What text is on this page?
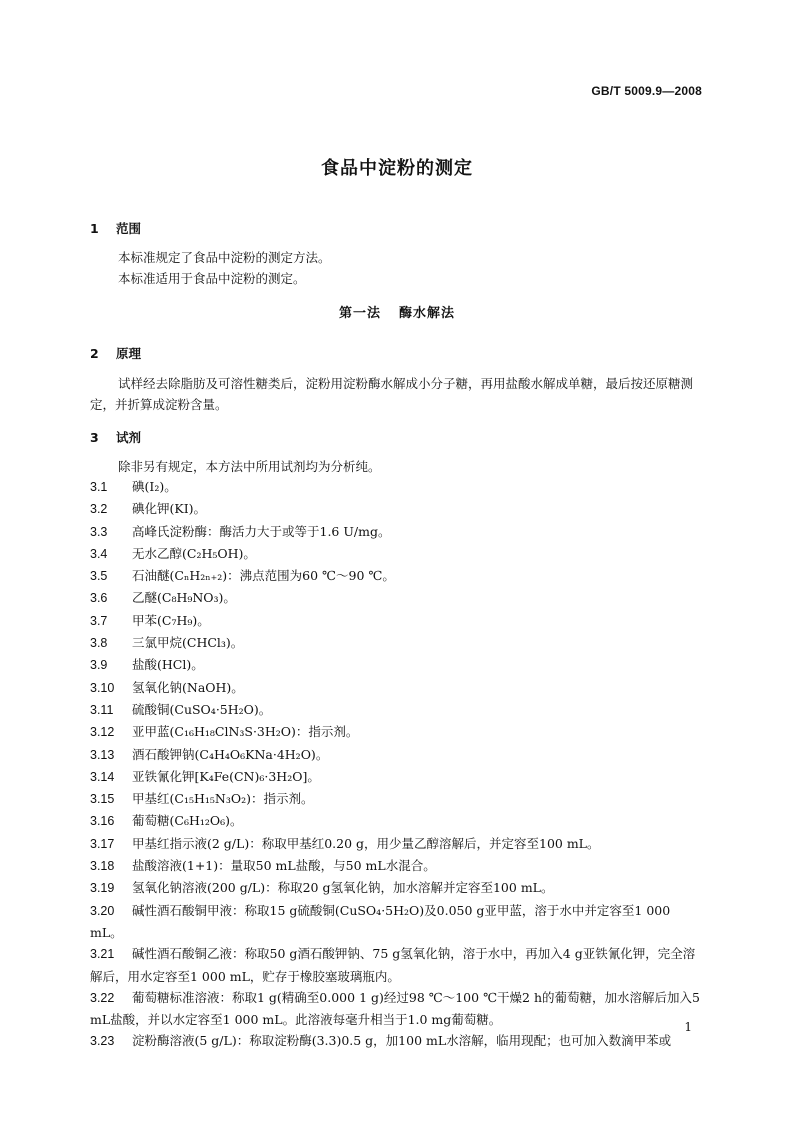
GB/T 5009.9—2008
食品中淀粉的测定
1 范围
本标准规定了食品中淀粉的测定方法。
本标准适用于食品中淀粉的测定。
第一法 酶水解法
2 原理
试样经去除脂肪及可溶性糖类后，淀粉用淀粉酶水解成小分子糖，再用盐酸水解成单糖，最后按还原糖测定，并折算成淀粉含量。
3 试剂
除非另有规定，本方法中所用试剂均为分析纯。

3.1 碘(I₂)。

3.2 碘化钾(KI)。

3.3 高峰氏淀粉酶：酶活力大于或等于1.6 U/mg。

3.4 无水乙醇(C₂H₅OH)。

3.5 石油醚(CₙH₂ₙ₊₂)：沸点范围为60 ℃～90 ℃。

3.6 乙醚(C₈H₉NO₃)。

3.7 甲苯(C₇H₉)。

3.8 三氯甲烷(CHCl₃)。

3.9 盐酸(HCl)。

3.10 氢氧化钠(NaOH)。

3.11 硫酸铜(CuSO₄·5H₂O)。

3.12 亚甲蓝(C₁₆H₁₈ClN₃S·3H₂O)：指示剂。

3.13 酒石酸钾钠(C₄H₄O₆KNa·4H₂O)。

3.14 亚铁氰化钾[K₄Fe(CN)₆·3H₂O]。

3.15 甲基红(C₁₅H₁₅N₃O₂)：指示剂。

3.16 葡萄糖(C₆H₁₂O₆)。

3.17 甲基红指示液(2 g/L)：称取甲基红0.20 g，用少量乙醇溶解后，并定容至100 mL。

3.18 盐酸溶液(1+1)：量取50 mL盐酸，与50 mL水混合。

3.19 氢氧化钠溶液(200 g/L)：称取20 g氢氧化钠，加水溶解并定容至100 mL。

3.20 碱性酒石酸铜甲液：称取15 g硫酸铜(CuSO₄·5H₂O)及0.050 g亚甲蓝，溶于水中并定容至1 000 mL。

3.21 碱性酒石酸铜乙液：称取50 g酒石酸钾钠、75 g氢氧化钠，溶于水中，再加入4 g亚铁氰化钾，完全溶解后，用水定容至1 000 mL，贮存于橡胶塞玻璃瓶内。

3.22 葡萄糖标准溶液：称取1 g(精确至0.000 1 g)经过98 ℃～100 ℃干燥2 h的葡萄糖，加水溶解后加入5 mL盐酸，并以水定容至1 000 mL。此溶液每毫升相当于1.0 mg葡萄糖。

3.23 淀粉酶溶液(5 g/L)：称取淀粉酶(3.3)0.5 g，加100 mL水溶解，临用现配；也可加入数滴甲苯或

1
